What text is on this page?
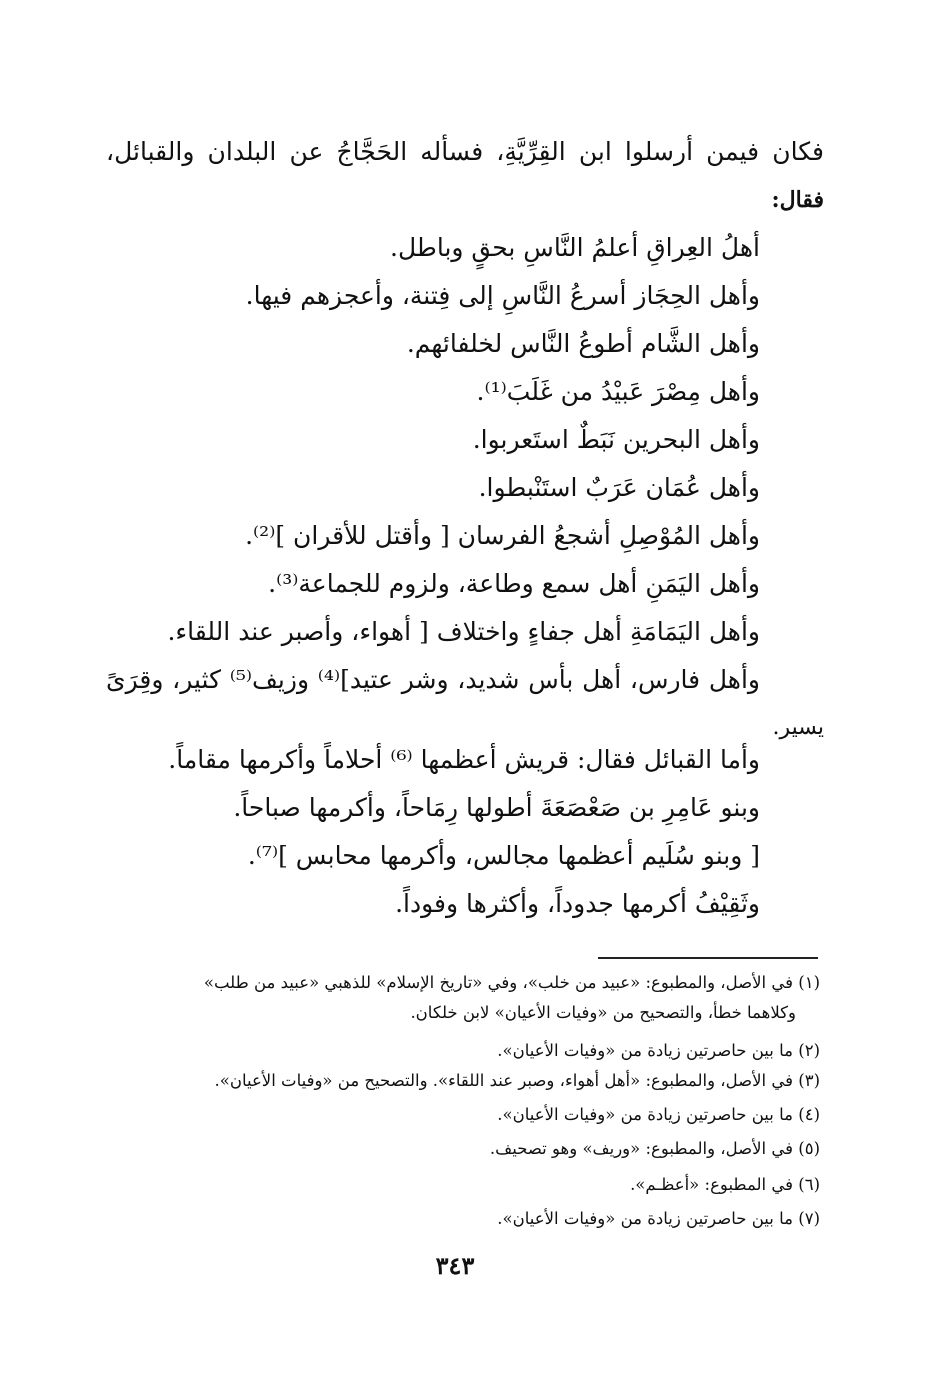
فكان فيمن أرسلوا ابن القِرِّيَّةِ، فسأله الحَجَّاجُ عن البلدان والقبائل،
فقال:
أهلُ العِراقِ أعلمُ النَّاسِ بحقٍ وباطل.
وأهل الحِجَاز أسرعُ النَّاسِ إلى فِتنة، وأعجزهم فيها.
وأهل الشَّام أطوعُ النَّاس لخلفائهم.
وأهل مِصْرَ عَبيْدُ من غَلَبَ⁽¹⁾.
وأهل البحرين نَبَطٌ استَعربوا.
وأهل عُمَان عَرَبٌ استَنْبطوا.
وأهل المُوْصِلِ أشجعُ الفرسان [ وأقتل للأقران ]⁽²⁾.
وأهل اليَمَنِ أهل سمع وطاعة، ولزوم للجماعة⁽³⁾.
وأهل اليَمَامَةِ أهل جفاءٍ واختلاف [ أهواء، وأصبر عند اللقاء.
وأهل فارس، أهل بأس شديد، وشر عتيد]⁽⁴⁾ وزيف⁽⁵⁾ كثير، وقِرَىً
يسير.
وأما القبائل فقال: قريش أعظمها ⁽⁶⁾ أحلاماً وأكرمها مقاماً.
وبنو عَامِرِ بن صَعْصَعَةَ أطولها رِمَاحاً، وأكرمها صباحاً.
[ وبنو سُلَيم أعظمها مجالس، وأكرمها محابس ]⁽⁷⁾.
وثَقِيْفُ أكرمها جدوداً، وأكثرها وفوداً.
(١) في الأصل، والمطبوع: «عبيد من خلب»، وفي «تاريخ الإسلام» للذهبي «عبيد من طلب»
وكلاهما خطأ، والتصحيح من «وفيات الأعيان» لابن خلكان.
(٢) ما بين حاصرتين زيادة من «وفيات الأعيان».
(٣) في الأصل، والمطبوع: «أهل أهواء، وصبر عند اللقاء». والتصحيح من «وفيات الأعيان».
(٤) ما بين حاصرتين زيادة من «وفيات الأعيان».
(٥) في الأصل، والمطبوع: «وريف» وهو تصحيف.
(٦) في المطبوع: «أعظـم».
(٧) ما بين حاصرتين زيادة من «وفيات الأعيان».
٣٤٣
